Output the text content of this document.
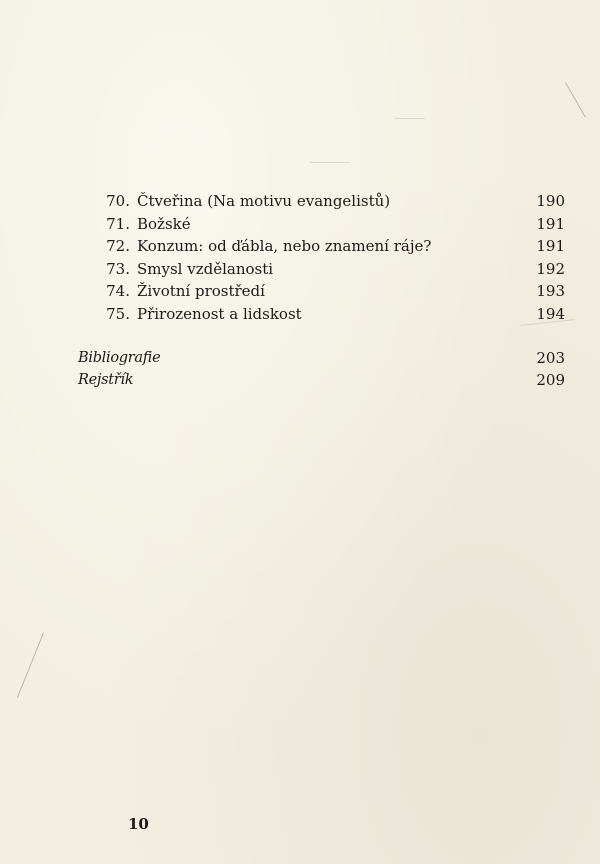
70. Čtveřina (Na motivu evangelistů)	190
71. Božské	191
72. Konzum: od ďábla, nebo znamení ráje?	191
73. Smysl vzdělanosti	192
74. Životní prostředí	193
75. Přirozenost a lidskost	194
Bibliografie	203
Rejstřík	209
10
